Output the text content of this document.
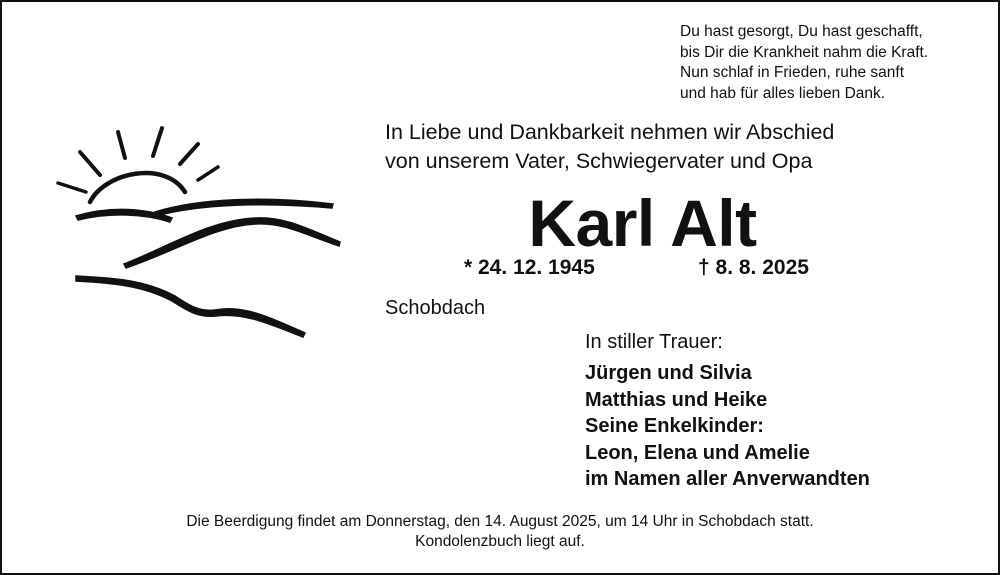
Du hast gesorgt, Du hast geschafft,
bis Dir die Krankheit nahm die Kraft.
Nun schlaf in Frieden, ruhe sanft
und hab für alles lieben Dank.
In Liebe und Dankbarkeit nehmen wir Abschied
von unserem Vater, Schwiegervater und Opa
Karl Alt
* 24. 12. 1945	† 8. 8. 2025
Schobdach
In stiller Trauer:
Jürgen und Silvia
Matthias und Heike
Seine Enkelkinder:
Leon, Elena und Amelie
im Namen aller Anverwandten
Die Beerdigung findet am Donnerstag, den 14. August 2025, um 14 Uhr in Schobdach statt.
Kondolenzbuch liegt auf.
